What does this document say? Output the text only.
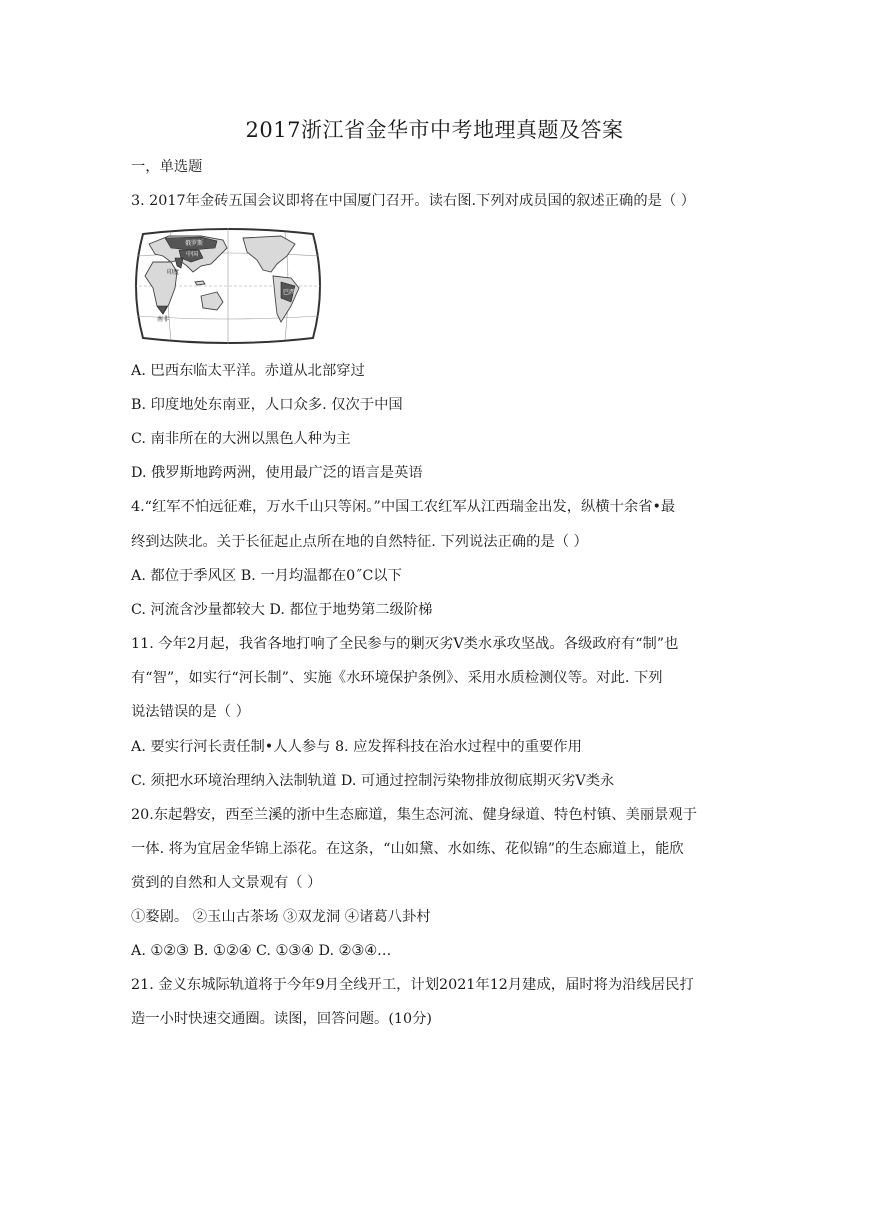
2017浙江省金华市中考地理真题及答案
一，单选题
3. 2017年金砖五国会议即将在中国厦门召开。读右图.下列对成员国的叙述正确的是（ ）
俄罗斯
中国
巴西
印度
南非
A. 巴西东临太平洋。赤道从北部穿过
B. 印度地处东南亚，人口众多. 仅次于中国
C. 南非所在的大洲以黑色人种为主
D. 俄罗斯地跨两洲，使用最广泛的语言是英语
4.“红军不怕远征难，万水千山只等闲。”中国工农红军从江西瑞金出发，纵横十余省•最
终到达陕北。关于长征起止点所在地的自然特征. 下列说法正确的是（ ）
A. 都位于季风区 B. 一月均温都在0˝C以下
C. 河流含沙量都较大 D. 都位于地势第二级阶梯
11. 今年2月起，我省各地打响了全民参与的剿灭劣Ⅴ类水承攻坚战。各级政府有“制”也
有“智”，如实行“河长制”、实施《水环境保护条例》、采用水质检测仪等。对此. 下列
说法错误的是（ ）
A. 要实行河长责任制•人人参与 8. 应发挥科技在治水过程中的重要作用
C. 须把水环境治理纳入法制轨道 D. 可通过控制污染物排放彻底期灭劣Ⅴ类永
20.东起磐安，西至兰溪的浙中生态廊道，集生态河流、健身绿道、特色村镇、美丽景观于
一体. 将为宜居金华锦上添花。在这条，“山如黛、水如练、花似锦”的生态廊道上，能欣
赏到的自然和人文景观有（ ）
①婺剧。 ②玉山古茶场 ③双龙洞 ④诸葛八卦村
A. ①②③ B. ①②④ C. ①③④ D. ②③④…
21. 金义东城际轨道将于今年9月全线开工，计划2021年12月建成，届时将为沿线居民打
造一小时快速交通圈。读图，回答问题。(10分)
